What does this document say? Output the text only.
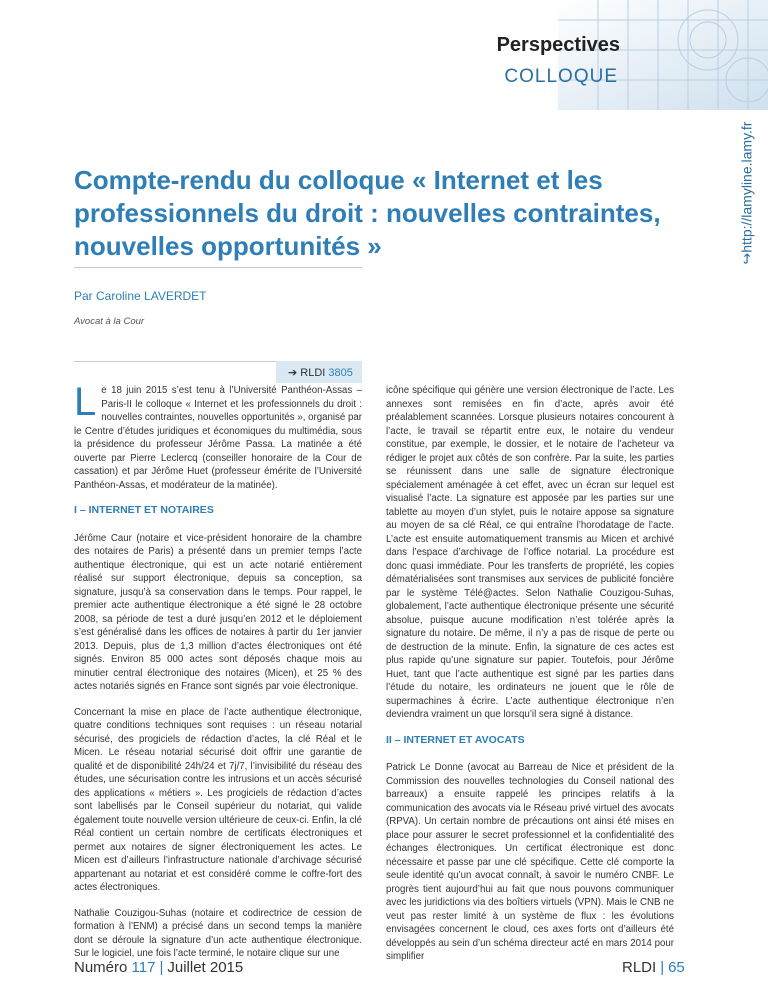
Perspectives
COLLOQUE
↪http://lamyline.lamy.fr
Compte-rendu du colloque « Internet et les professionnels du droit : nouvelles contraintes, nouvelles opportunités »
Par Caroline LAVERDET
Avocat à la Cour
➔ RLDI 3805

Le 18 juin 2015 s’est tenu à l’Université Panthéon-Assas – Paris-II le colloque « Internet et les professionnels du droit : nouvelles contraintes, nouvelles opportunités », organisé par le Centre d’études juridiques et économiques du multimédia, sous la présidence du professeur Jérôme Passa. La matinée a été ouverte par Pierre Leclercq (conseiller honoraire de la Cour de cassation) et par Jérôme Huet (professeur émérite de l’Université Panthéon-Assas, et modérateur de la matinée).

I – INTERNET ET NOTAIRES

Jérôme Caur (notaire et vice-président honoraire de la chambre des notaires de Paris) a présenté dans un premier temps l’acte authentique électronique, qui est un acte notarié entièrement réalisé sur support électronique, depuis sa conception, sa signature, jusqu’à sa conservation dans le temps. Pour rappel, le premier acte authentique électronique a été signé le 28 octobre 2008, sa période de test a duré jusqu’en 2012 et le déploiement s’est généralisé dans les offices de notaires à partir du 1er janvier 2013. Depuis, plus de 1,3 million d’actes électroniques ont été signés. Environ 85 000 actes sont déposés chaque mois au minutier central électronique des notaires (Micen), et 25 % des actes notariés signés en France sont signés par voie électronique.

Concernant la mise en place de l’acte authentique électronique, quatre conditions techniques sont requises : un réseau notarial sécurisé, des progiciels de rédaction d’actes, la clé Réal et le Micen. Le réseau notarial sécurisé doit offrir une garantie de qualité et de disponibilité 24h/24 et 7j/7, l’invisibilité du réseau des études, une sécurisation contre les intrusions et un accès sécurisé des applications « métiers ». Les progiciels de rédaction d’actes sont labellisés par le Conseil supérieur du notariat, qui valide également toute nouvelle version ultérieure de ceux-ci. Enfin, la clé Réal contient un certain nombre de certificats électroniques et permet aux notaires de signer électroniquement les actes. Le Micen est d’ailleurs l’infrastructure nationale d’archivage sécurisé appartenant au notariat et est considéré comme le coffre-fort des actes électroniques.

Nathalie Couzigou-Suhas (notaire et codirectrice de cession de formation à l’ENM) a précisé dans un second temps la manière dont se déroule la signature d’un acte authentique électronique. Sur le logiciel, une fois l’acte terminé, le notaire clique sur une

icône spécifique qui génère une version électronique de l’acte. Les annexes sont remisées en fin d’acte, après avoir été préalablement scannées. Lorsque plusieurs notaires concourent à l’acte, le travail se répartit entre eux, le notaire du vendeur constitue, par exemple, le dossier, et le notaire de l’acheteur va rédiger le projet aux côtés de son confrère. Par la suite, les parties se réunissent dans une salle de signature électronique spécialement aménagée à cet effet, avec un écran sur lequel est visualisé l’acte. La signature est apposée par les parties sur une tablette au moyen d’un stylet, puis le notaire appose sa signature au moyen de sa clé Réal, ce qui entraîne l’horodatage de l’acte. L’acte est ensuite automatiquement transmis au Micen et archivé dans l’espace d’archivage de l’office notarial. La procédure est donc quasi immédiate. Pour les transferts de propriété, les copies dématérialisées sont transmises aux services de publicité foncière par le système Télé@actes. Selon Nathalie Couzigou-Suhas, globalement, l’acte authentique électronique présente une sécurité absolue, puisque aucune modification n’est tolérée après la signature du notaire. De même, il n’y a pas de risque de perte ou de destruction de la minute. Enfin, la signature de ces actes est plus rapide qu’une signature sur papier. Toutefois, pour Jérôme Huet, tant que l’acte authentique est signé par les parties dans l’étude du notaire, les ordinateurs ne jouent que le rôle de supermachines à écrire. L’acte authentique électronique n’en deviendra vraiment un que lorsqu’il sera signé à distance.

II – INTERNET ET AVOCATS

Patrick Le Donne (avocat au Barreau de Nice et président de la Commission des nouvelles technologies du Conseil national des barreaux) a ensuite rappelé les principes relatifs à la communication des avocats via le Réseau privé virtuel des avocats (RPVA). Un certain nombre de précautions ont ainsi été mises en place pour assurer le secret professionnel et la confidentialité des échanges électroniques. Un certificat électronique est donc nécessaire et passe par une clé spécifique. Cette clé comporte la seule identité qu’un avocat connaît, à savoir le numéro CNBF. Le progrès tient aujourd’hui au fait que nous pouvons communiquer avec les juridictions via des boîtiers virtuels (VPN). Mais le CNB ne veut pas rester limité à un système de flux : les évolutions envisagées concernent le cloud, ces axes forts ont d’ailleurs été développés au sein d’un schéma directeur acté en mars 2014 pour simplifier

Numéro 117 | Juillet 2015	RLDI | 65
